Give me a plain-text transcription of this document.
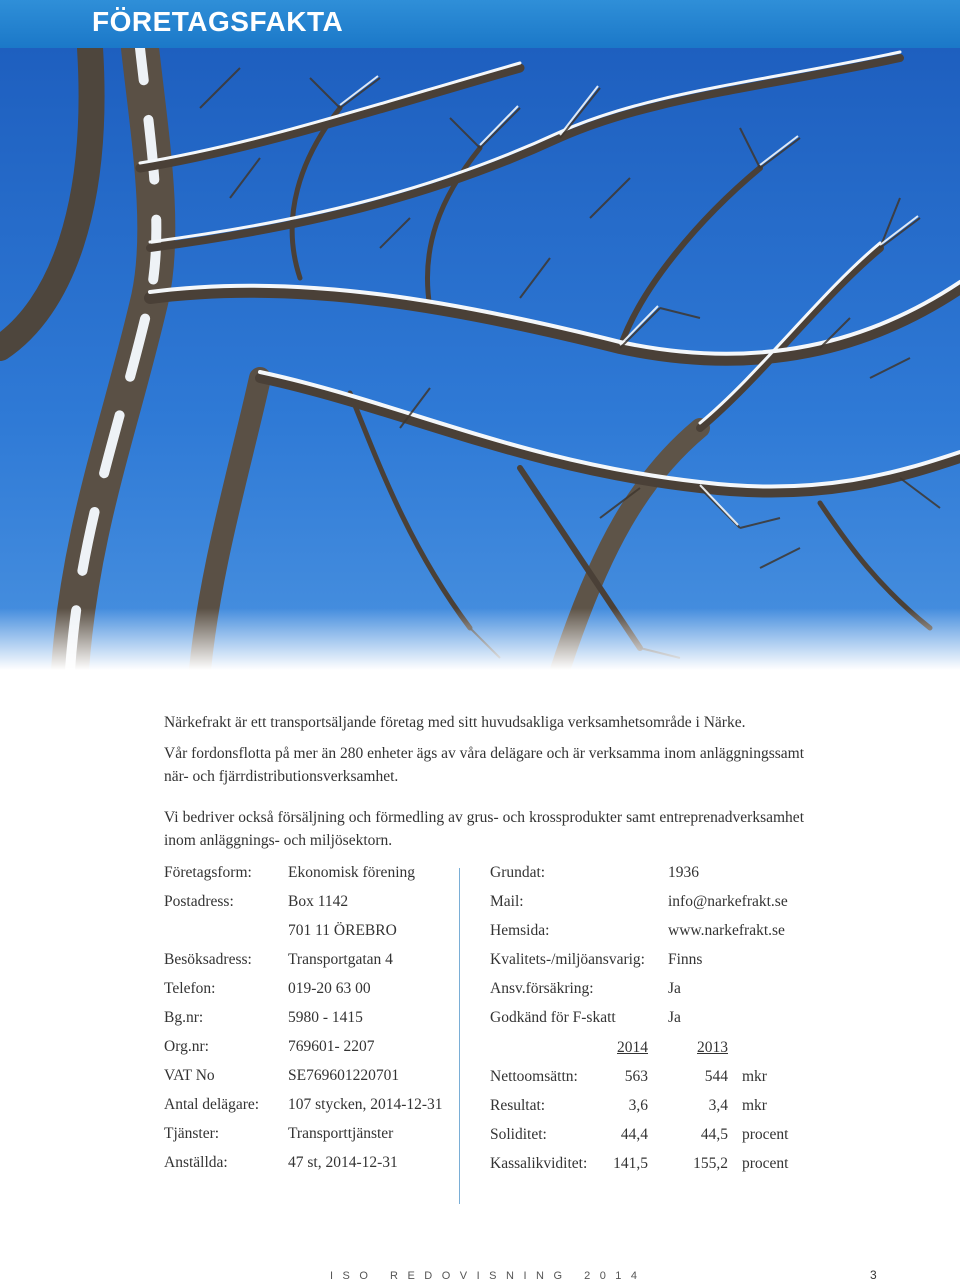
FÖRETAGSFAKTA
Närkefrakt är ett transportsäljande företag med sitt huvudsakliga verksamhetsområde i Närke.
Vår fordonsflotta på mer än 280 enheter ägs av våra delägare och är verksamma inom anläggningssamt när- och fjärrdistributionsverksamhet.
Vi bedriver också försäljning och förmedling av grus- och krossprodukter samt entreprenadverksamhet inom anläggnings- och miljösektorn.
Företagsform: Ekonomisk förening
Postadress:	Box 1142
701 11 ÖREBRO
Besöksadress: Transportgatan 4
Telefon:	019-20 63 00
Bg.nr:	5980 - 1415
Org.nr:	769601- 2207
VAT No	SE769601220701
Antal delägare: 107 stycken, 2014-12-31
Tjänster:	Transporttjänster
Anställda:	47 st, 2014-12-31
Grundat:	1936
Mail:	info@narkefrakt.se
Hemsida:	www.narkefrakt.se
Kvalitets-/miljöansvarig: Finns
Ansv.försäkring:	Ja
Godkänd för F-skatt	Ja
2014	2013
Nettoomsättn:	563	544 mkr
Resultat:	3,6	3,4 mkr
Soliditet:	44,4	44,5 procent
Kassalikviditet:	141,5	155,2 procent
ISO REDOVISNING 2014	3
